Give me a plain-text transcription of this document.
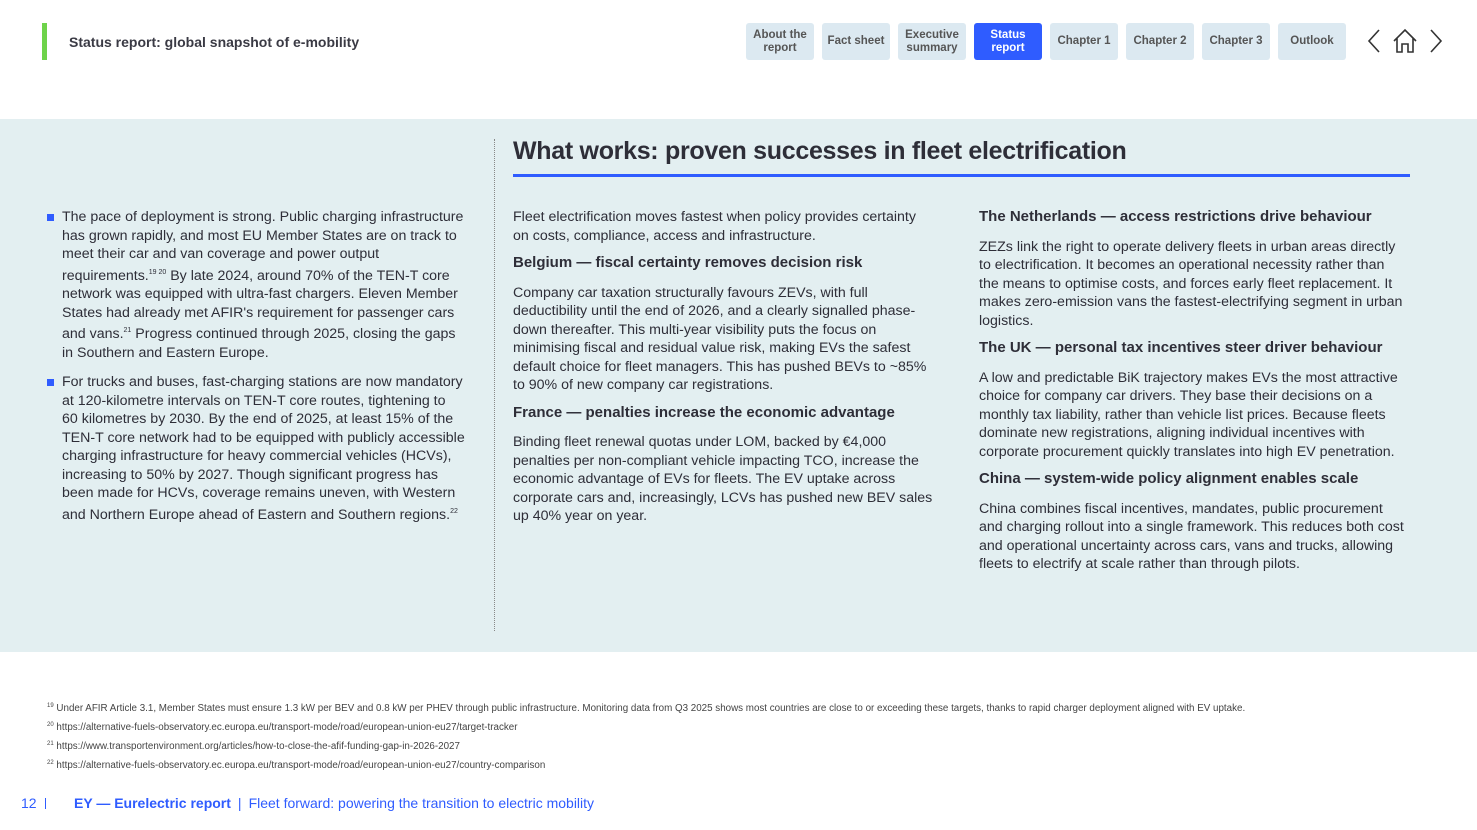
Status report: global snapshot of e-mobility	About the report
Fact sheet
Executive summary
Status report
Chapter 1	Chapter 2	Chapter 3	Outlook
What works: proven successes in fleet electrification
The pace of deployment is strong. Public charging infrastructure has grown rapidly, and most EU Member States are on track to meet their car and van coverage and power output requirements.$^{19 20}$ By late 2024, around 70% of the TEN-T core network was equipped with ultra-fast chargers. Eleven Member States had already met AFIR's requirement for passenger cars and vans.$^{21}$ Progress continued through 2025, closing the gaps in Southern and Eastern Europe.
For trucks and buses, fast-charging stations are now mandatory at 120-kilometre intervals on TEN-T core routes, tightening to 60 kilometres by 2030. By the end of 2025, at least 15% of the TEN-T core network had to be equipped with publicly accessible charging infrastructure for heavy commercial vehicles (HCVs), increasing to 50% by 2027. Though significant progress has been made for HCVs, coverage remains uneven, with Western and Northern Europe ahead of Eastern and Southern regions.$^{22}$

Fleet electrification moves fastest when policy provides certainty on costs, compliance, access and infrastructure.

Belgium — fiscal certainty removes decision risk

Company car taxation structurally favours ZEVs, with full deductibility until the end of 2026, and a clearly signalled phase-down thereafter. This multi-year visibility puts the focus on minimising fiscal and residual value risk, making EVs the safest default choice for fleet managers. This has pushed BEVs to ~85% to 90% of new company car registrations.

France — penalties increase the economic advantage

Binding fleet renewal quotas under LOM, backed by €4,000 penalties per non-compliant vehicle impacting TCO, increase the economic advantage of EVs for fleets. The EV uptake across corporate cars and, increasingly, LCVs has pushed new BEV sales up 40% year on year.

The Netherlands — access restrictions drive behaviour

ZEZs link the right to operate delivery fleets in urban areas directly to electrification. It becomes an operational necessity rather than the means to optimise costs, and forces early fleet replacement. It makes zero-emission vans the fastest-electrifying segment in urban logistics.

The UK — personal tax incentives steer driver behaviour

A low and predictable BiK trajectory makes EVs the most attractive choice for company car drivers. They base their decisions on a monthly tax liability, rather than vehicle list prices. Because fleets dominate new registrations, aligning individual incentives with corporate procurement quickly translates into high EV penetration.

China — system-wide policy alignment enables scale

China combines fiscal incentives, mandates, public procurement and charging rollout into a single framework. This reduces both cost and operational uncertainty across cars, vans and trucks, allowing fleets to electrify at scale rather than through pilots.

$^{19}$ Under AFIR Article 3.1, Member States must ensure 1.3 kW per BEV and 0.8 kW per PHEV through public infrastructure. Monitoring data from Q3 2025 shows most countries are close to or exceeding these targets, thanks to rapid charger deployment aligned with EV uptake.
$^{20}$ https://alternative-fuels-observatory.ec.europa.eu/transport-mode/road/european-union-eu27/target-tracker
$^{21}$ https://www.transportenvironment.org/articles/how-to-close-the-afif-funding-gap-in-2026-2027
$^{22}$ https://alternative-fuels-observatory.ec.europa.eu/transport-mode/road/european-union-eu27/country-comparison
12	EY — Eurelectric report | Fleet forward: powering the transition to electric mobility
